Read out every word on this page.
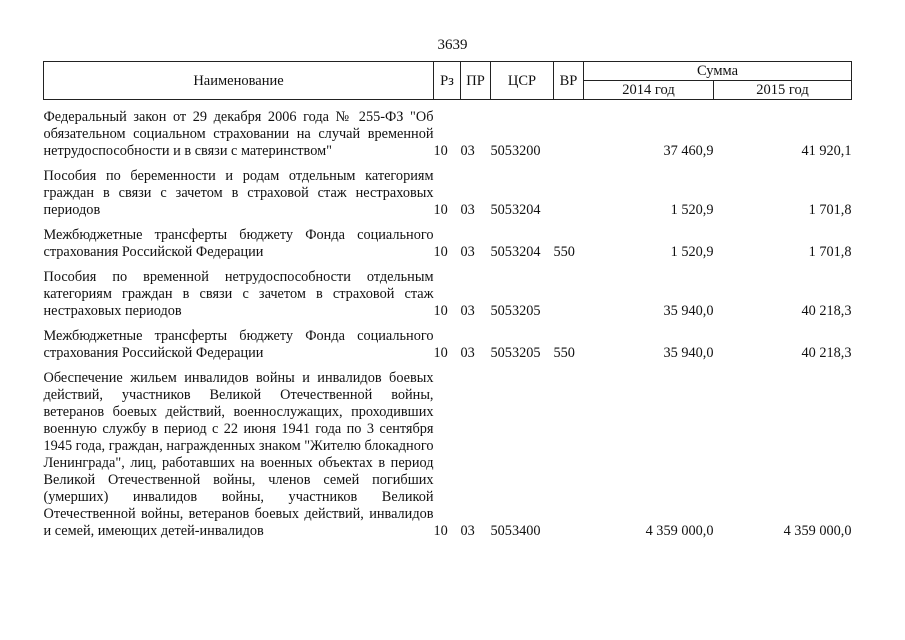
3639
Наименование	Рз	ПР	ЦСР	ВР	Сумма	
					2014 год	2015 год

Федеральный закон от 29 декабря 2006 года № 255-ФЗ "Об обязательном социальном страховании на случай временной нетрудоспособности и в связи с материнством"	10	03	5053200		37 460,9	41 920,1
Пособия по беременности и родам отдельным категориям граждан в связи с зачетом в страховой стаж нестраховых периодов	10	03	5053204		1 520,9	1 701,8
Межбюджетные трансферты бюджету Фонда социального страхования Российской Федерации	10	03	5053204	550	1 520,9	1 701,8
Пособия по временной нетрудоспособности отдельным категориям граждан в связи с зачетом в страховой стаж нестраховых периодов	10	03	5053205		35 940,0	40 218,3
Межбюджетные трансферты бюджету Фонда социального страхования Российской Федерации	10	03	5053205	550	35 940,0	40 218,3
Обеспечение жильем инвалидов войны и инвалидов боевых действий, участников Великой Отечественной войны, ветеранов боевых действий, военнослужащих, проходивших военную службу в период с 22 июня 1941 года по 3 сентября 1945 года, граждан, награжденных знаком "Жителю блокадного Ленинграда", лиц, работавших на военных объектах в период Великой Отечественной войны, членов семей погибших (умерших) инвалидов войны, участников Великой Отечественной войны, ветеранов боевых действий, инвалидов и семей, имеющих детей-инвалидов	10	03	5053400		4 359 000,0	4 359 000,0
